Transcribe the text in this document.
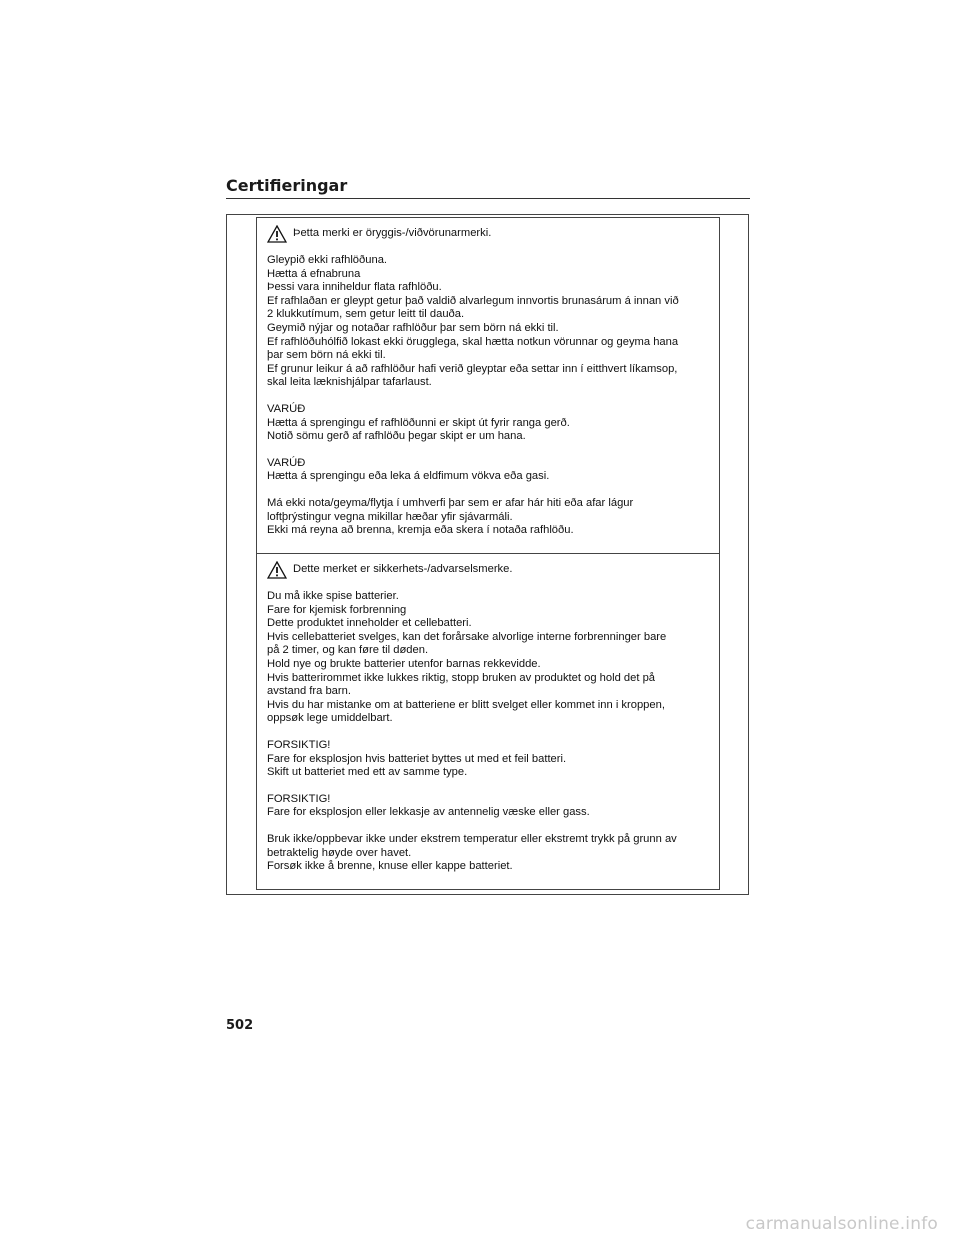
Certifieringar
Þetta merki er öryggis-/viðvörunarmerki.
Gleypið ekki rafhlöðuna.
Hætta á efnabruna
Þessi vara inniheldur flata rafhlöðu.
Ef rafhlaðan er gleypt getur það valdið alvarlegum innvortis brunasárum á innan við
2 klukkutímum, sem getur leitt til dauða.
Geymið nýjar og notaðar rafhlöður þar sem börn ná ekki til.
Ef rafhlöðuhólfið lokast ekki örugglega, skal hætta notkun vörunnar og geyma hana
þar sem börn ná ekki til.
Ef grunur leikur á að rafhlöður hafi verið gleyptar eða settar inn í eitthvert líkamsop,
skal leita læknishjálpar tafarlaust.
VARÚÐ
Hætta á sprengingu ef rafhlöðunni er skipt út fyrir ranga gerð.
Notið sömu gerð af rafhlöðu þegar skipt er um hana.
VARÚÐ
Hætta á sprengingu eða leka á eldfimum vökva eða gasi.
Má ekki nota/geyma/flytja í umhverfi þar sem er afar hár hiti eða afar lágur
loftþrýstingur vegna mikillar hæðar yfir sjávarmáli.
Ekki má reyna að brenna, kremja eða skera í notaða rafhlöðu.
Dette merket er sikkerhets-/advarselsmerke.
Du må ikke spise batterier.
Fare for kjemisk forbrenning
Dette produktet inneholder et cellebatteri.
Hvis cellebatteriet svelges, kan det forårsake alvorlige interne forbrenninger bare
på 2 timer, og kan føre til døden.
Hold nye og brukte batterier utenfor barnas rekkevidde.
Hvis batterirommet ikke lukkes riktig, stopp bruken av produktet og hold det på
avstand fra barn.
Hvis du har mistanke om at batteriene er blitt svelget eller kommet inn i kroppen,
oppsøk lege umiddelbart.
FORSIKTIG!
Fare for eksplosjon hvis batteriet byttes ut med et feil batteri.
Skift ut batteriet med ett av samme type.
FORSIKTIG!
Fare for eksplosjon eller lekkasje av antennelig væske eller gass.
Bruk ikke/oppbevar ikke under ekstrem temperatur eller ekstremt trykk på grunn av
betraktelig høyde over havet.
Forsøk ikke å brenne, knuse eller kappe batteriet.
502
carmanualsonline.info
